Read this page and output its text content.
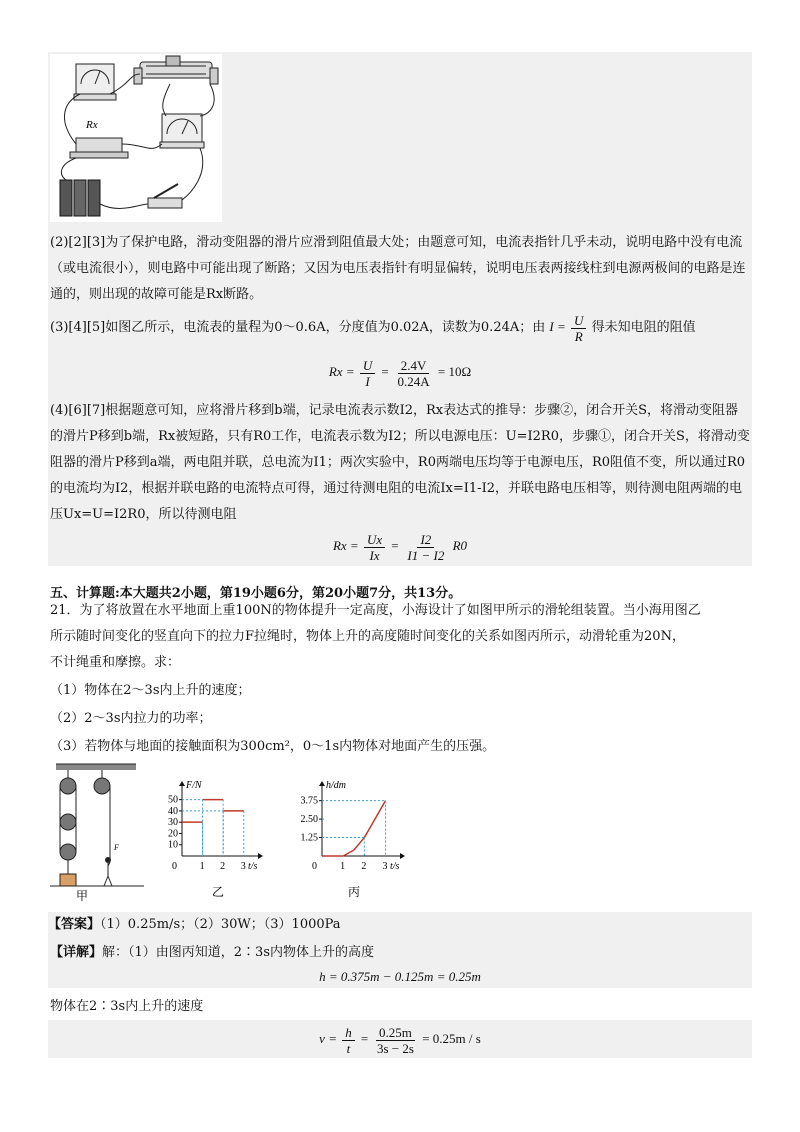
Rx
(2)[2][3]为了保护电路，滑动变阻器的滑片应滑到阻值最大处；由题意可知，电流表指针几乎未动，说明电路中没有电流（或电流很小），则电路中可能出现了断路；又因为电压表指针有明显偏转，说明电压表两接线柱到电源两极间的电路是连通的，则出现的故障可能是Rx断路。
(3)[4][5]如图乙所示，电流表的量程为0～0.6A，分度值为0.02A，读数为0.24A；由 $I = \frac{U}{R}$ 得未知电阻的阻值
$Rx = \frac{U}{I} = \frac{2.4V}{0.24A} = 10\Omega$
(4)[6][7]根据题意可知，应将滑片移到b端，记录电流表示数I2，Rx表达式的推导：步骤②，闭合开关S，将滑动变阻器的滑片P移到b端，Rx被短路，只有R0工作，电流表示数为I2；所以电源电压：U=I2R0，步骤①，闭合开关S，将滑动变阻器的滑片P移到a端，两电阻并联，总电流为I1；两次实验中，R0两端电压均等于电源电压，R0阻值不变，所以通过R0的电流均为I2，根据并联电路的电流特点可得，通过待测电阻的电流Ix=I1-I2，并联电路电压相等，则待测电阻两端的电压Ux=U=I2R0，所以待测电阻
$Rx = \frac{Ux}{Ix} = \frac{I2}{I1 - I2} R0$
五、计算题:本大题共2小题，第19小题6分，第20小题7分，共13分。
21．为了将放置在水平地面上重100N的物体提升一定高度，小海设计了如图甲所示的滑轮组装置。当小海用图乙
所示随时间变化的竖直向下的拉力F拉绳时，物体上升的高度随时间变化的关系如图丙所示，动滑轮重为20N，
不计绳重和摩擦。求：
（1）物体在2～3s内上升的速度；
（2）2～3s内拉力的功率；
（3）若物体与地面的接触面积为300cm²，0～1s内物体对地面产生的压强。
F
甲
F/N
t/s
0 1 2 3
10
20
30
40
50
乙
h/dm
t/s
0 1 2 3
1.25
2.50
3.75
丙
【答案】（1）0.25m/s；（2）30W；（3）1000Pa
【详解】解：（1）由图丙知道，2∶3s内物体上升的高度
h = 0.375m − 0.125m = 0.25m
物体在2∶3s内上升的速度
$v = \frac{h}{t} = \frac{0.25m}{3s - 2s} = 0.25m / s$
